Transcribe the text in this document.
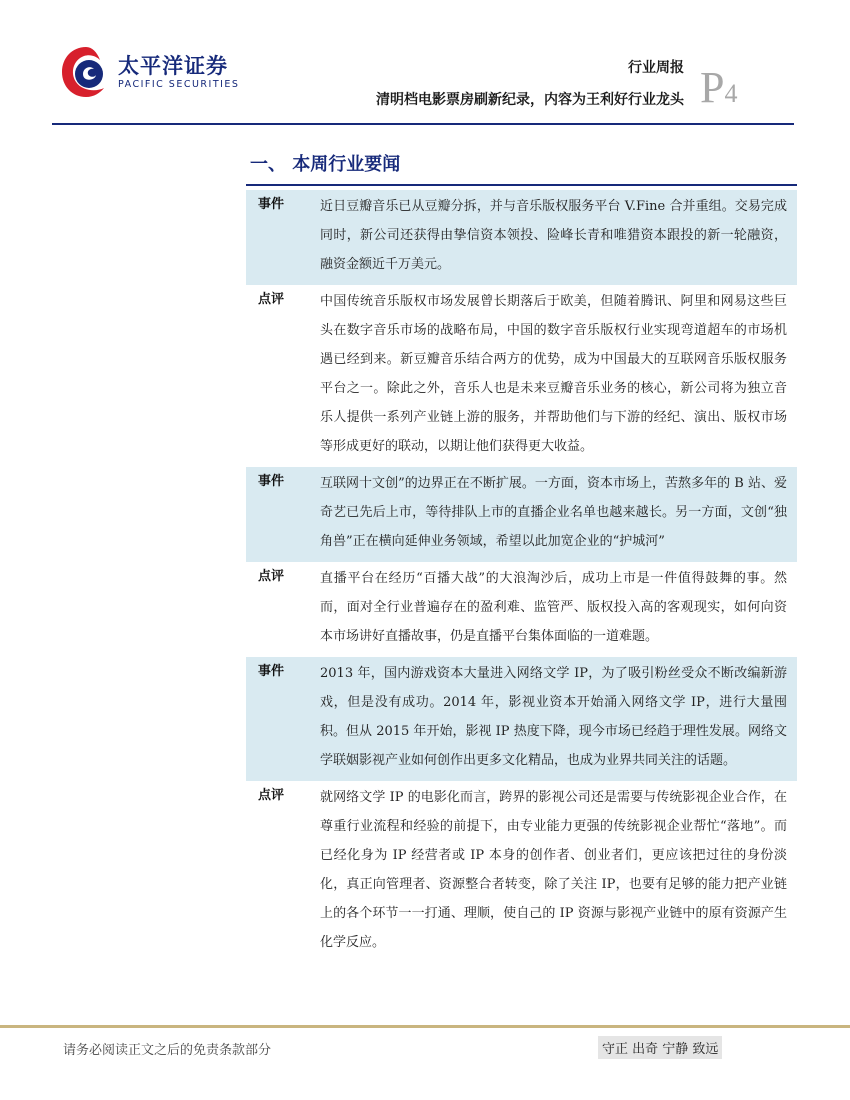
太平洋证券
PACIFIC SECURITIES
行业周报
清明档电影票房刷新纪录，内容为王利好行业龙头 P4
一、 本周行业要闻
事件	近日豆瓣音乐已从豆瓣分拆，并与音乐版权服务平台 V.Fine 合并重组。交易完成同时，新公司还获得由挚信资本领投、险峰长青和唯猎资本跟投的新一轮融资，融资金额近千万美元。
点评	中国传统音乐版权市场发展曾长期落后于欧美，但随着腾讯、阿里和网易这些巨头在数字音乐市场的战略布局，中国的数字音乐版权行业实现弯道超车的市场机遇已经到来。新豆瓣音乐结合两方的优势，成为中国最大的互联网音乐版权服务平台之一。除此之外，音乐人也是未来豆瓣音乐业务的核心，新公司将为独立音乐人提供一系列产业链上游的服务，并帮助他们与下游的经纪、演出、版权市场等形成更好的联动，以期让他们获得更大收益。
事件	互联网十文创”的边界正在不断扩展。一方面，资本市场上，苦熬多年的 B 站、爱奇艺已先后上市，等待排队上市的直播企业名单也越来越长。另一方面，文创“独角兽”正在横向延伸业务领域，希望以此加宽企业的“护城河”
点评	直播平台在经历“百播大战”的大浪淘沙后，成功上市是一件值得鼓舞的事。然而，面对全行业普遍存在的盈利难、监管严、版权投入高的客观现实，如何向资本市场讲好直播故事，仍是直播平台集体面临的一道难题。
事件	2013 年，国内游戏资本大量进入网络文学 IP，为了吸引粉丝受众不断改编新游戏，但是没有成功。2014 年，影视业资本开始涌入网络文学 IP，进行大量囤积。但从 2015 年开始，影视 IP 热度下降，现今市场已经趋于理性发展。网络文学联姻影视产业如何创作出更多文化精品，也成为业界共同关注的话题。
点评	就网络文学 IP 的电影化而言，跨界的影视公司还是需要与传统影视企业合作，在尊重行业流程和经验的前提下，由专业能力更强的传统影视企业帮忙“落地”。而已经化身为 IP 经营者或 IP 本身的创作者、创业者们，更应该把过往的身份淡化，真正向管理者、资源整合者转变，除了关注 IP，也要有足够的能力把产业链上的各个环节一一打通、理顺，使自己的 IP 资源与影视产业链中的原有资源产生化学反应。
请务必阅读正文之后的免责条款部分	守正 出奇 宁静 致远
